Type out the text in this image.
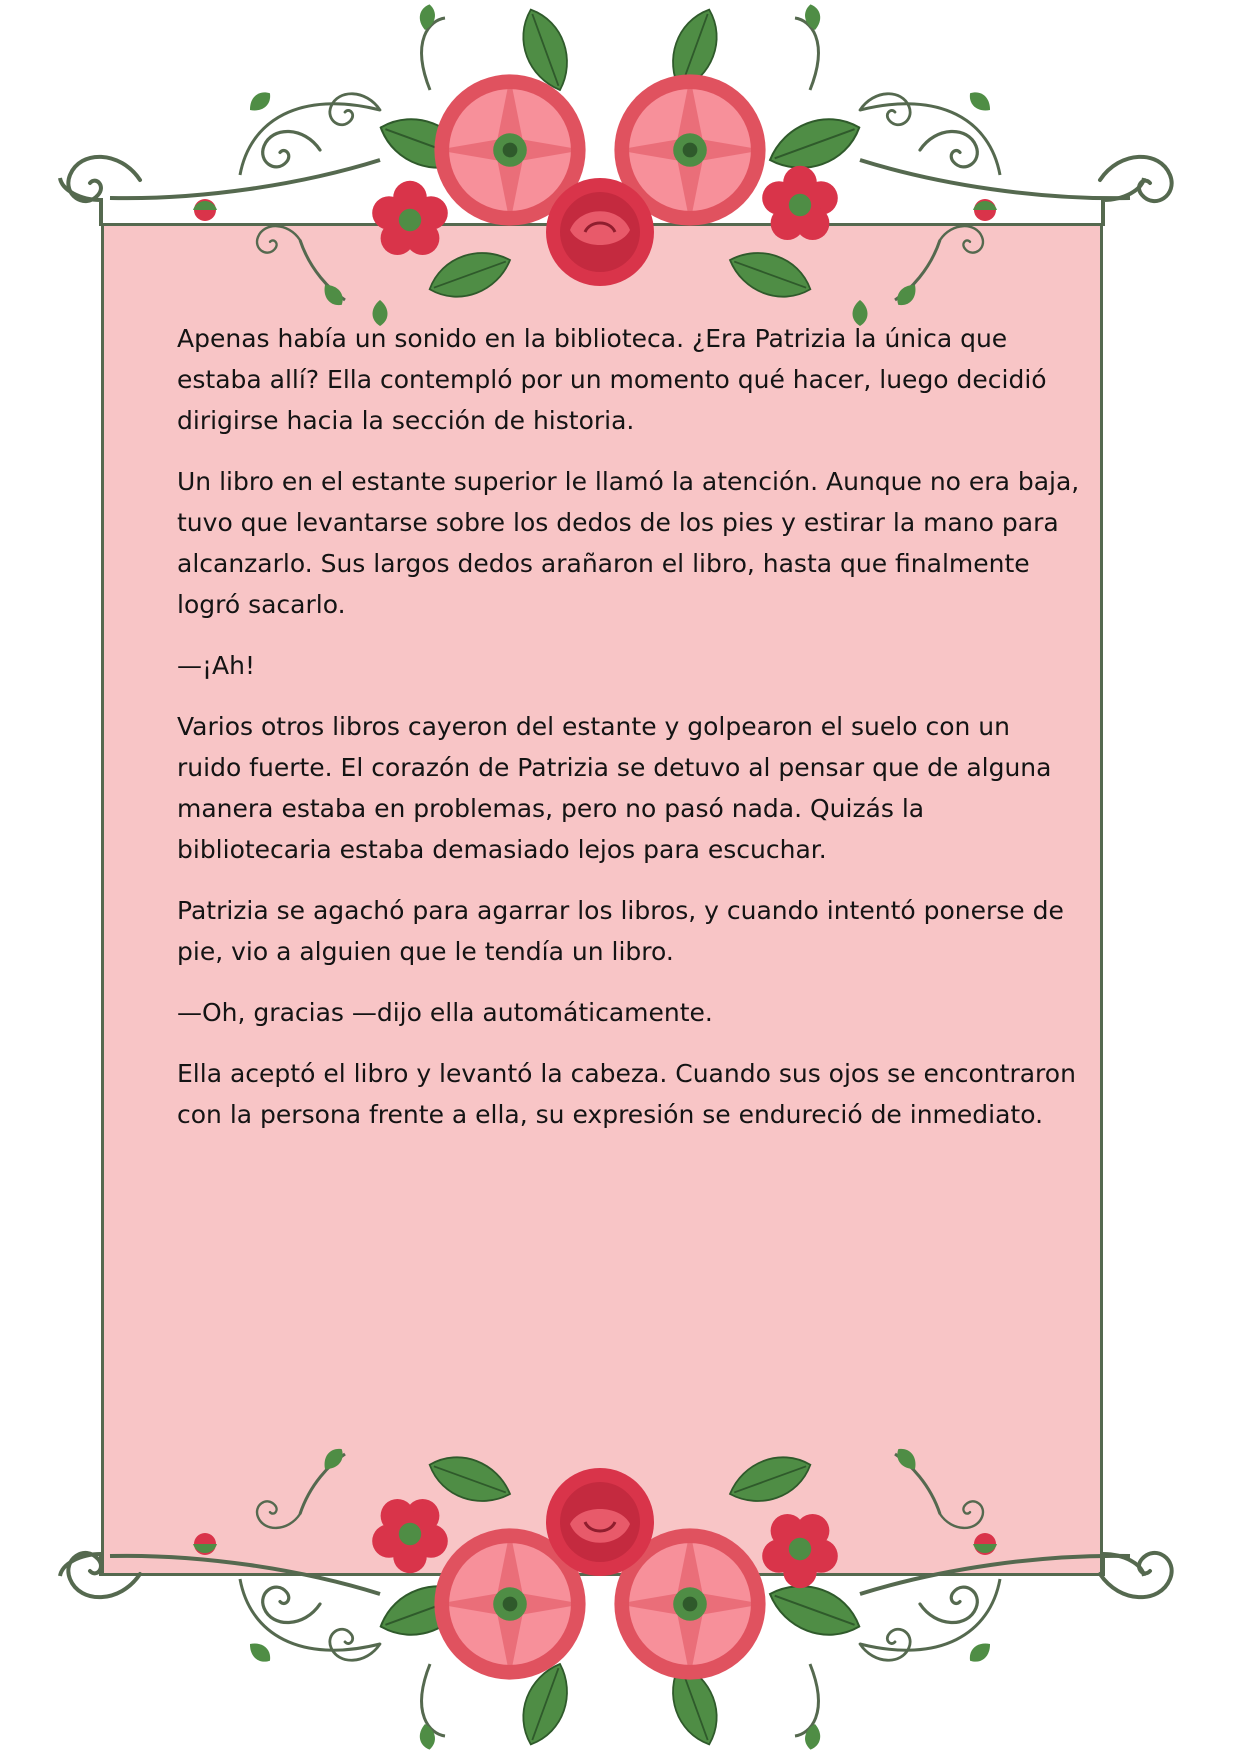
Apenas había un sonido en la biblioteca. ¿Era Patrizia la única que estaba allí? Ella contempló por un momento qué hacer, luego decidió dirigirse hacia la sección de historia.

Un libro en el estante superior le llamó la atención. Aunque no era baja, tuvo que levantarse sobre los dedos de los pies y estirar la mano para alcanzarlo. Sus largos dedos arañaron el libro, hasta que finalmente logró sacarlo.

—¡Ah!

Varios otros libros cayeron del estante y golpearon el suelo con un ruido fuerte. El corazón de Patrizia se detuvo al pensar que de alguna manera estaba en problemas, pero no pasó nada. Quizás la bibliotecaria estaba demasiado lejos para escuchar.

Patrizia se agachó para agarrar los libros, y cuando intentó ponerse de pie, vio a alguien que le tendía un libro.

—Oh, gracias —dijo ella automáticamente.

Ella aceptó el libro y levantó la cabeza. Cuando sus ojos se encontraron con la persona frente a ella, su expresión se endureció de inmediato.
